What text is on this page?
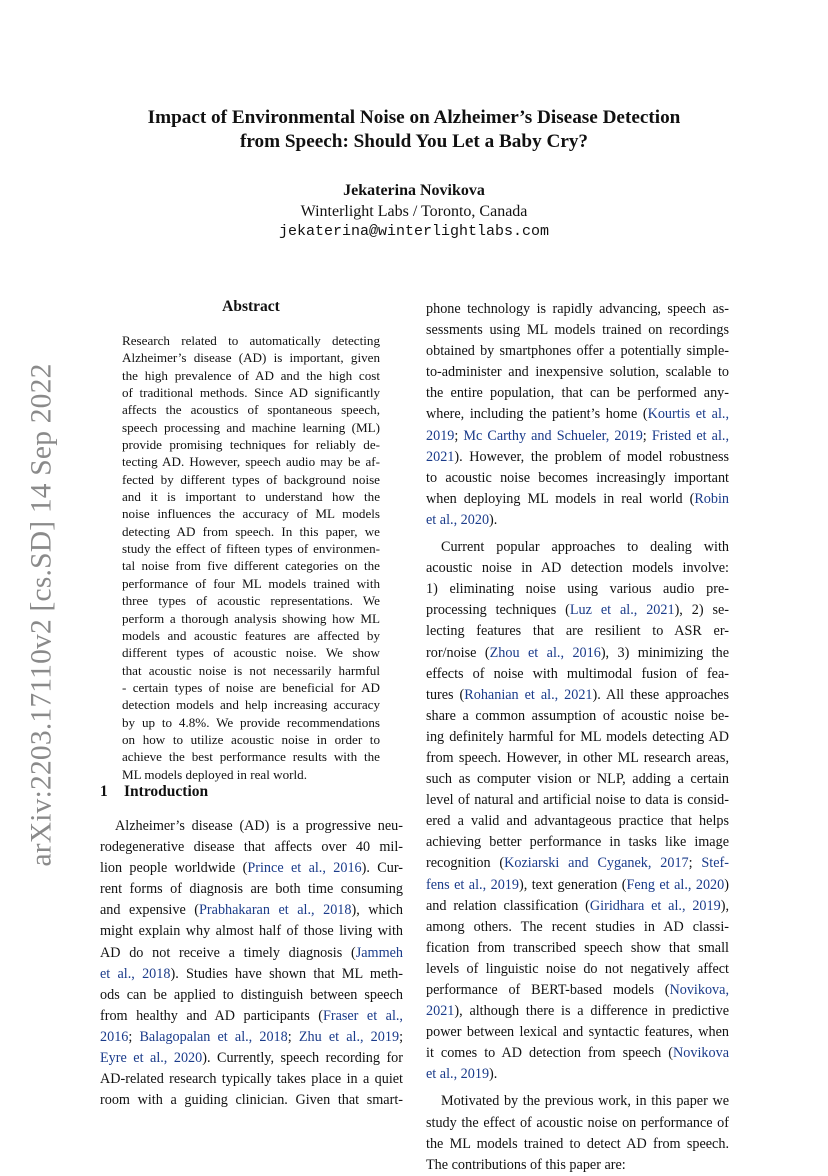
arXiv:2203.17110v2 [cs.SD] 14 Sep 2022
Impact of Environmental Noise on Alzheimer’s Disease Detection
from Speech: Should You Let a Baby Cry?
Jekaterina Novikova
Winterlight Labs / Toronto, Canada
jekaterina@winterlightlabs.com
Abstract
Research related to automatically detecting
Alzheimer’s disease (AD) is important, given
the high prevalence of AD and the high cost
of traditional methods. Since AD significantly
affects the acoustics of spontaneous speech,
speech processing and machine learning (ML)
provide promising techniques for reliably de-
tecting AD. However, speech audio may be af-
fected by different types of background noise
and it is important to understand how the
noise influences the accuracy of ML models
detecting AD from speech. In this paper, we
study the effect of fifteen types of environmen-
tal noise from five different categories on the
performance of four ML models trained with
three types of acoustic representations. We
perform a thorough analysis showing how ML
models and acoustic features are affected by
different types of acoustic noise. We show
that acoustic noise is not necessarily harmful
- certain types of noise are beneficial for AD
detection models and help increasing accuracy
by up to 4.8%. We provide recommendations
on how to utilize acoustic noise in order to
achieve the best performance results with the
ML models deployed in real world.
1 Introduction
Alzheimer’s disease (AD) is a progressive neu-
rodegenerative disease that affects over 40 mil-
lion people worldwide (Prince et al., 2016). Cur-
rent forms of diagnosis are both time consuming
and expensive (Prabhakaran et al., 2018), which
might explain why almost half of those living with
AD do not receive a timely diagnosis (Jammeh
et al., 2018). Studies have shown that ML meth-
ods can be applied to distinguish between speech
from healthy and AD participants (Fraser et al.,
2016; Balagopalan et al., 2018; Zhu et al., 2019;
Eyre et al., 2020). Currently, speech recording for
AD-related research typically takes place in a quiet
room with a guiding clinician. Given that smart-
phone technology is rapidly advancing, speech as-
sessments using ML models trained on recordings
obtained by smartphones offer a potentially simple-
to-administer and inexpensive solution, scalable to
the entire population, that can be performed any-
where, including the patient’s home (Kourtis et al.,
2019; Mc Carthy and Schueler, 2019; Fristed et al.,
2021). However, the problem of model robustness
to acoustic noise becomes increasingly important
when deploying ML models in real world (Robin
et al., 2020).
Current popular approaches to dealing with
acoustic noise in AD detection models involve:
1) eliminating noise using various audio pre-
processing techniques (Luz et al., 2021), 2) se-
lecting features that are resilient to ASR er-
ror/noise (Zhou et al., 2016), 3) minimizing the
effects of noise with multimodal fusion of fea-
tures (Rohanian et al., 2021). All these approaches
share a common assumption of acoustic noise be-
ing definitely harmful for ML models detecting AD
from speech. However, in other ML research areas,
such as computer vision or NLP, adding a certain
level of natural and artificial noise to data is consid-
ered a valid and advantageous practice that helps
achieving better performance in tasks like image
recognition (Koziarski and Cyganek, 2017; Stef-
fens et al., 2019), text generation (Feng et al., 2020)
and relation classification (Giridhara et al., 2019),
among others. The recent studies in AD classi-
fication from transcribed speech show that small
levels of linguistic noise do not negatively affect
performance of BERT-based models (Novikova,
2021), although there is a difference in predictive
power between lexical and syntactic features, when
it comes to AD detection from speech (Novikova
et al., 2019).
Motivated by the previous work, in this paper we
study the effect of acoustic noise on performance of
the ML models trained to detect AD from speech.
The contributions of this paper are:
